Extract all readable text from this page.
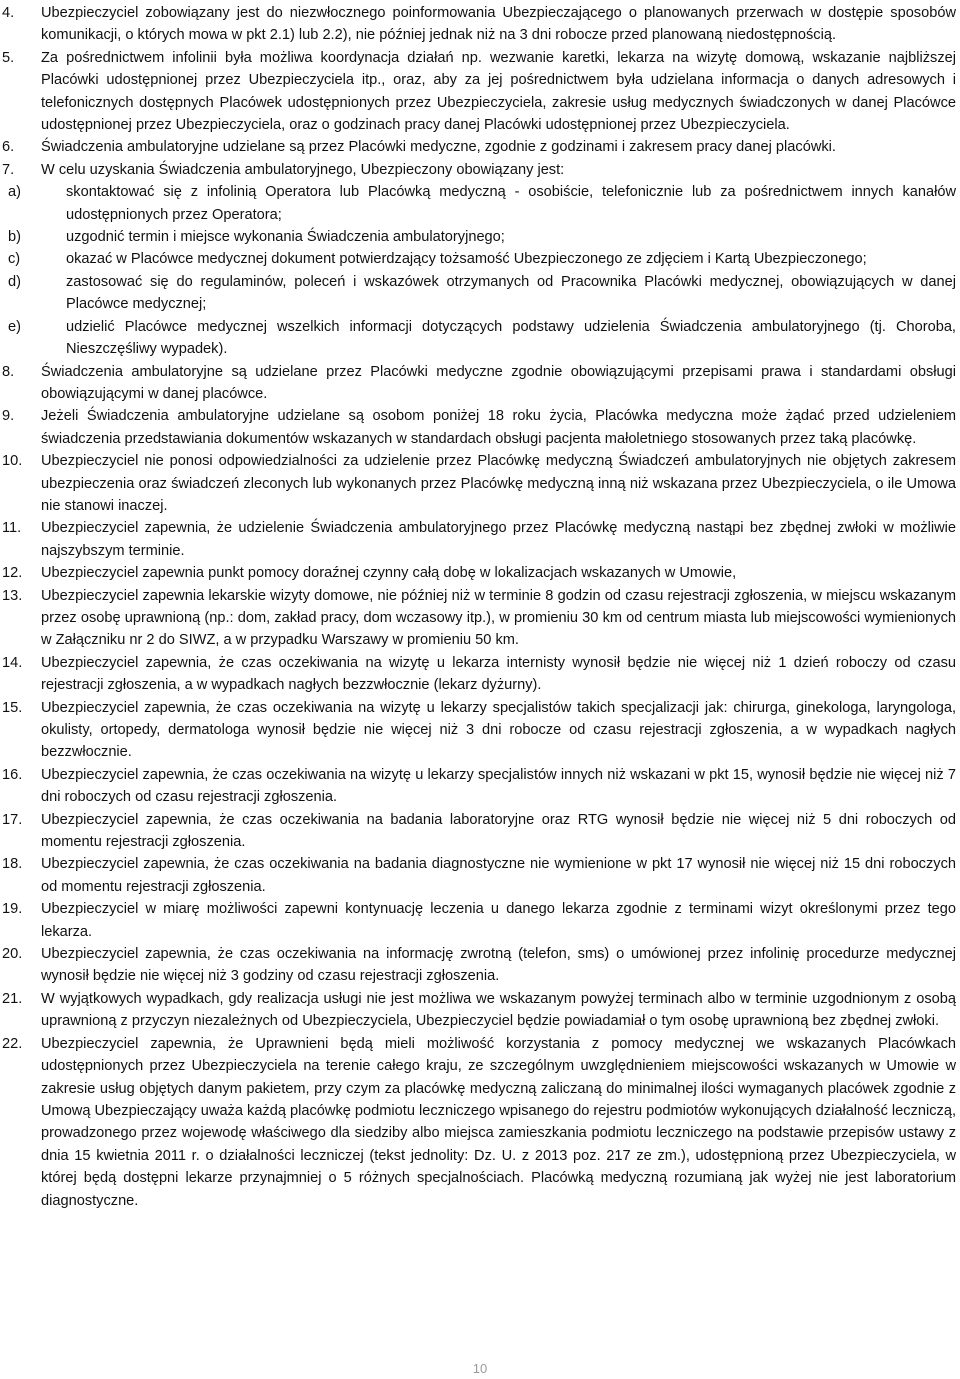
4. Ubezpieczyciel zobowiązany jest do niezwłocznego poinformowania Ubezpieczającego o planowanych przerwach w dostępie sposobów komunikacji, o których mowa w pkt 2.1) lub 2.2), nie później jednak niż na 3 dni robocze przed planowaną niedostępnością.
5. Za pośrednictwem infolinii była możliwa koordynacja działań np. wezwanie karetki, lekarza na wizytę domową, wskazanie najbliższej Placówki udostępnionej przez Ubezpieczyciela itp., oraz, aby za jej pośrednictwem była udzielana informacja o danych adresowych i telefonicznych dostępnych Placówek udostępnionych przez Ubezpieczyciela, zakresie usług medycznych świadczonych w danej Placówce udostępnionej przez Ubezpieczyciela, oraz o godzinach pracy danej Placówki udostępnionej przez Ubezpieczyciela.
6. Świadczenia ambulatoryjne udzielane są przez Placówki medyczne, zgodnie z godzinami i zakresem pracy danej placówki.
7. W celu uzyskania Świadczenia ambulatoryjnego, Ubezpieczony obowiązany jest:
a)	skontaktować się z infolinią Operatora lub Placówką medyczną - osobiście, telefonicznie lub za pośrednictwem innych kanałów udostępnionych przez Operatora;
b)	uzgodnić termin i miejsce wykonania Świadczenia ambulatoryjnego;
c)	okazać w Placówce medycznej dokument potwierdzający tożsamość Ubezpieczonego ze zdjęciem i Kartą Ubezpieczonego;
d)	zastosować się do regulaminów, poleceń i wskazówek otrzymanych od Pracownika Placówki medycznej, obowiązujących w danej Placówce medycznej;
e)	udzielić Placówce medycznej wszelkich informacji dotyczących podstawy udzielenia Świadczenia ambulatoryjnego (tj. Choroba, Nieszczęśliwy wypadek).
8. Świadczenia ambulatoryjne są udzielane przez Placówki medyczne zgodnie obowiązującymi przepisami prawa i standardami obsługi obowiązującymi w danej placówce.
9. Jeżeli Świadczenia ambulatoryjne udzielane są osobom poniżej 18 roku życia, Placówka medyczna może żądać przed udzieleniem świadczenia przedstawiania dokumentów wskazanych w standardach obsługi pacjenta małoletniego stosowanych przez taką placówkę.
10. Ubezpieczyciel nie ponosi odpowiedzialności za udzielenie przez Placówkę medyczną Świadczeń ambulatoryjnych nie objętych zakresem ubezpieczenia oraz świadczeń zleconych lub wykonanych przez Placówkę medyczną inną niż wskazana przez Ubezpieczyciela, o ile Umowa nie stanowi inaczej.
11. Ubezpieczyciel zapewnia, że udzielenie Świadczenia ambulatoryjnego przez Placówkę medyczną nastąpi bez zbędnej zwłoki w możliwie najszybszym terminie.
12. Ubezpieczyciel zapewnia punkt pomocy doraźnej czynny całą dobę w lokalizacjach wskazanych w Umowie,
13. Ubezpieczyciel zapewnia lekarskie wizyty domowe, nie później niż w terminie 8 godzin od czasu rejestracji zgłoszenia, w miejscu wskazanym przez osobę uprawnioną (np.: dom, zakład pracy, dom wczasowy itp.), w promieniu 30 km od centrum miasta lub miejscowości wymienionych w Załączniku nr 2 do SIWZ, a w przypadku Warszawy w promieniu 50 km.
14. Ubezpieczyciel zapewnia, że czas oczekiwania na wizytę u lekarza internisty wynosił będzie nie więcej niż 1 dzień roboczy od czasu rejestracji zgłoszenia, a w wypadkach nagłych bezzwłocznie (lekarz dyżurny).
15. Ubezpieczyciel zapewnia, że czas oczekiwania na wizytę u lekarzy specjalistów takich specjalizacji jak: chirurga, ginekologa, laryngologa, okulisty, ortopedy, dermatologa wynosił będzie nie więcej niż 3 dni robocze od czasu rejestracji zgłoszenia, a w wypadkach nagłych bezzwłocznie.
16. Ubezpieczyciel zapewnia, że czas oczekiwania na wizytę u lekarzy specjalistów innych niż wskazani w pkt 15, wynosił będzie nie więcej niż 7 dni roboczych od czasu rejestracji zgłoszenia.
17. Ubezpieczyciel zapewnia, że czas oczekiwania na badania laboratoryjne oraz RTG wynosił będzie nie więcej niż 5 dni roboczych od momentu rejestracji zgłoszenia.
18. Ubezpieczyciel zapewnia, że czas oczekiwania na badania diagnostyczne nie wymienione w pkt 17 wynosił nie więcej niż 15 dni roboczych od momentu rejestracji zgłoszenia.
19. Ubezpieczyciel w miarę możliwości zapewni kontynuację leczenia u danego lekarza zgodnie z terminami wizyt określonymi przez tego lekarza.
20. Ubezpieczyciel zapewnia, że czas oczekiwania na informację zwrotną (telefon, sms) o umówionej przez infolinię procedurze medycznej wynosił będzie nie więcej niż 3 godziny od czasu rejestracji zgłoszenia.
21. W wyjątkowych wypadkach, gdy realizacja usługi nie jest możliwa we wskazanym powyżej terminach albo w terminie uzgodnionym z osobą uprawnioną z przyczyn niezależnych od Ubezpieczyciela, Ubezpieczyciel będzie powiadamiał o tym osobę uprawnioną bez zbędnej zwłoki.
22. Ubezpieczyciel zapewnia, że Uprawnieni będą mieli możliwość korzystania z pomocy medycznej we wskazanych Placówkach udostępnionych przez Ubezpieczyciela na terenie całego kraju, ze szczególnym uwzględnieniem miejscowości wskazanych w Umowie w zakresie usług objętych danym pakietem, przy czym za placówkę medyczną zaliczaną do minimalnej ilości wymaganych placówek zgodnie z Umową Ubezpieczający uważa każdą placówkę podmiotu leczniczego wpisanego do rejestru podmiotów wykonujących działalność leczniczą, prowadzonego przez wojewodę właściwego dla siedziby albo miejsca zamieszkania podmiotu leczniczego na podstawie przepisów ustawy z dnia 15 kwietnia 2011 r. o działalności leczniczej (tekst jednolity: Dz. U. z 2013 poz. 217 ze zm.), udostępnioną przez Ubezpieczyciela, w której będą dostępni lekarze przynajmniej o 5 różnych specjalnościach. Placówką medyczną rozumianą jak wyżej nie jest laboratorium diagnostyczne.
10
